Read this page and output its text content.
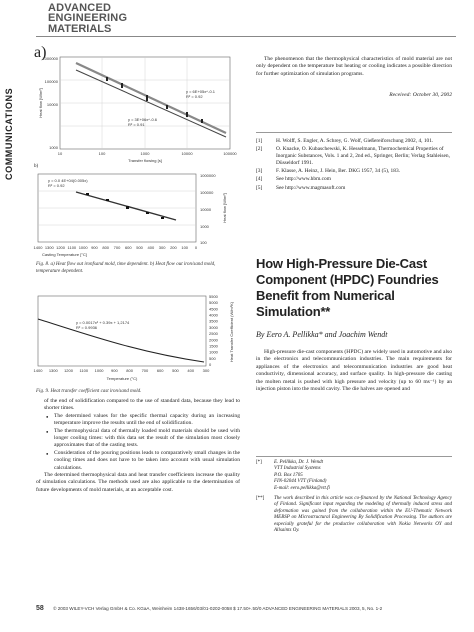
ADVANCED
ENGINEERING
MATERIALS
COMMUNICATIONS
a)
y = 6E+05x^-0.1
R² = 0.92
y = 3E+06x^-0.6
R² = 0.91
1000000
100000
10000
1000
10	100	1000	10000	100000
Transfer flowing [s]
Heat flow [W/m²]
b)
y = 0.0 4E+04(0.005x)
R² = 0.92
1000000
100000
10000
1000
100
Heat flow [W/m²]
1400 1300 1200 1100 1000 900 800 700 600 500 400 300 200 100 0
Casting Temperature [°C]
Fig. 8. a) Heat flow out ironfsand mold, time dependent. b) Heat flow out iron/sand mold, temperature dependent.
y = 0.0017x² + 0.39x + 1,2174
R² = 0.9936
5500
5000
4500
4000
3500
3000
2500
2000
1500
1000
500
0
1400 1300 1200 1100 1000 900 800 700 600 500 400 300
Temperature (°C)
Heat Transfer Coefficient (W/m²K)
Fig. 9. Heat transfer coefficient cast iron/sand mold.
of the end of solidification compared to the use of standard data, because they lead to shorter times.
● The determined values for the specific thermal capacity during an increasing temperature improve the results until the end of solidification.
● The thermophysical data of thermally loaded mold materials should be used with longer cooling times: with this data set the result of the simulation most closely approximates that of the casting tests.
● Consideration of the pouring positions leads to comparatively small changes in the cooling times and does not have to be taken into account with usual simulation calculations.
The determined thermophysical data and heat transfer coefficients increase the quality of simulation calculations. The methods used are also applicable to the determination of future developments of mold materials, at an acceptable cost.
The phenomenon that the thermophysical characteristics of mold material are not only dependent on the temperature but heating or cooling indicates a possible direction for further optimization of simulation programs.
Received: October 30, 2002
[1]	H. Wolff, S. Engler, A. Schrey, G. Wolf, Gießereiforschung 2002, 4, 101.
[2]	O. Knacke, O. Kubaschewski, K. Hesselmann, Thermochemical Properties of Inorganic Substances, Vols. 1 and 2, 2nd ed., Springer, Berlin; Verlag Stahleisen, Düsseldorf 1991.
[3]	F. Klasse, A. Heinz, J. Hein, Ber. DKG 1957, 34 (5), 183.
[4]	See http://www.hbm.com
[5]	See http://www.magmasoft.com
How High-Pressure Die-Cast Component (HPDC) Foundries Benefit from Numerical Simulation**
By Eero A. Pellikka* and Joachim Wendt
High-pressure die-cast components (HPDC) are widely used in automotive and also in the electronics and telecommunication industries. The main requirements for appliances of the electronics and telecommunication industries are good heat conductivity, dimensional accuracy, and surface quality. In high-pressure die casting the molten metal is pushed with high pressure and velocity (up to 60 ms⁻¹) by an injection piston into the mould cavity. The die halves are opened and
[*] E. Pellikka, Dr. J. Wendt
VTT Industrial Systems
P.O. Box 1705
FIN-02044 VTT (Finland)
E-mail: eero.pellikka@vtt.fi
[**]	The work described in this article was co-financed by the National Technology Agency of Finland. Significant input regarding the modeling of thermally induced stress and deformation was gained from the collaboration within the EU-Thematic Network MEBSP on Microstructural Engineering By Solidification Processing. The authors are especially grateful for the productive collaboration with Nokia Networks OY and Allsaints Oy.
58 © 2003 WILEY-VCH Verlag GmbH & Co. KGaA, Weinheim 1438-1656/03/01-0202-0058 $ 17.50+.50/0 ADVANCED ENGINEERING MATERIALS 2003, 5, No. 1-2
